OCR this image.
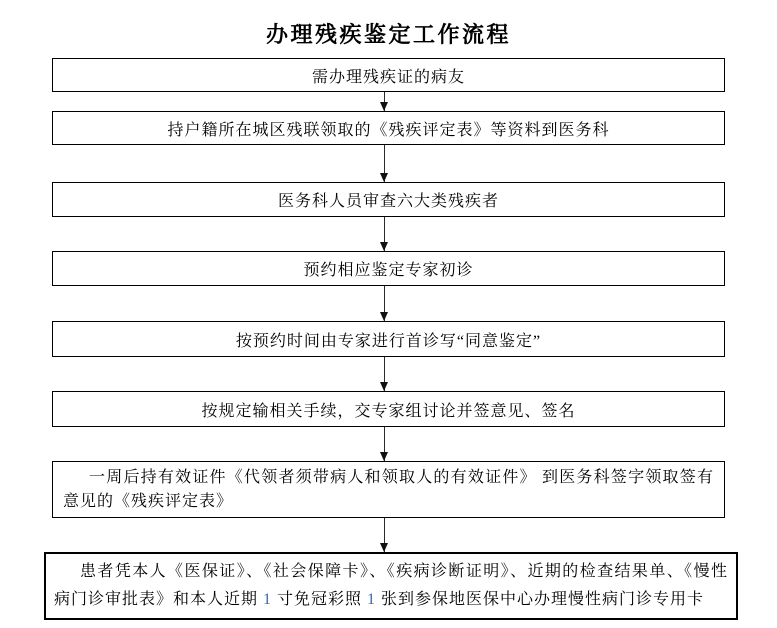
办理残疾鉴定工作流程
需办理残疾证的病友
持户籍所在城区残联领取的《残疾评定表》等资料到医务科
医务科人员审查六大类残疾者
预约相应鉴定专家初诊
按预约时间由专家进行首诊写“同意鉴定”
按规定输相关手续，交专家组讨论并签意见、签名
一周后持有效证件《代领者须带病人和领取人的有效证件》 到医务科签字领取签有
意见的《残疾评定表》
患者凭本人《医保证》、《社会保障卡》、《疾病诊断证明》、近期的检查结果单、《慢性
病门诊审批表》和本人近期 1 寸免冠彩照 1 张到参保地医保中心办理慢性病门诊专用卡
